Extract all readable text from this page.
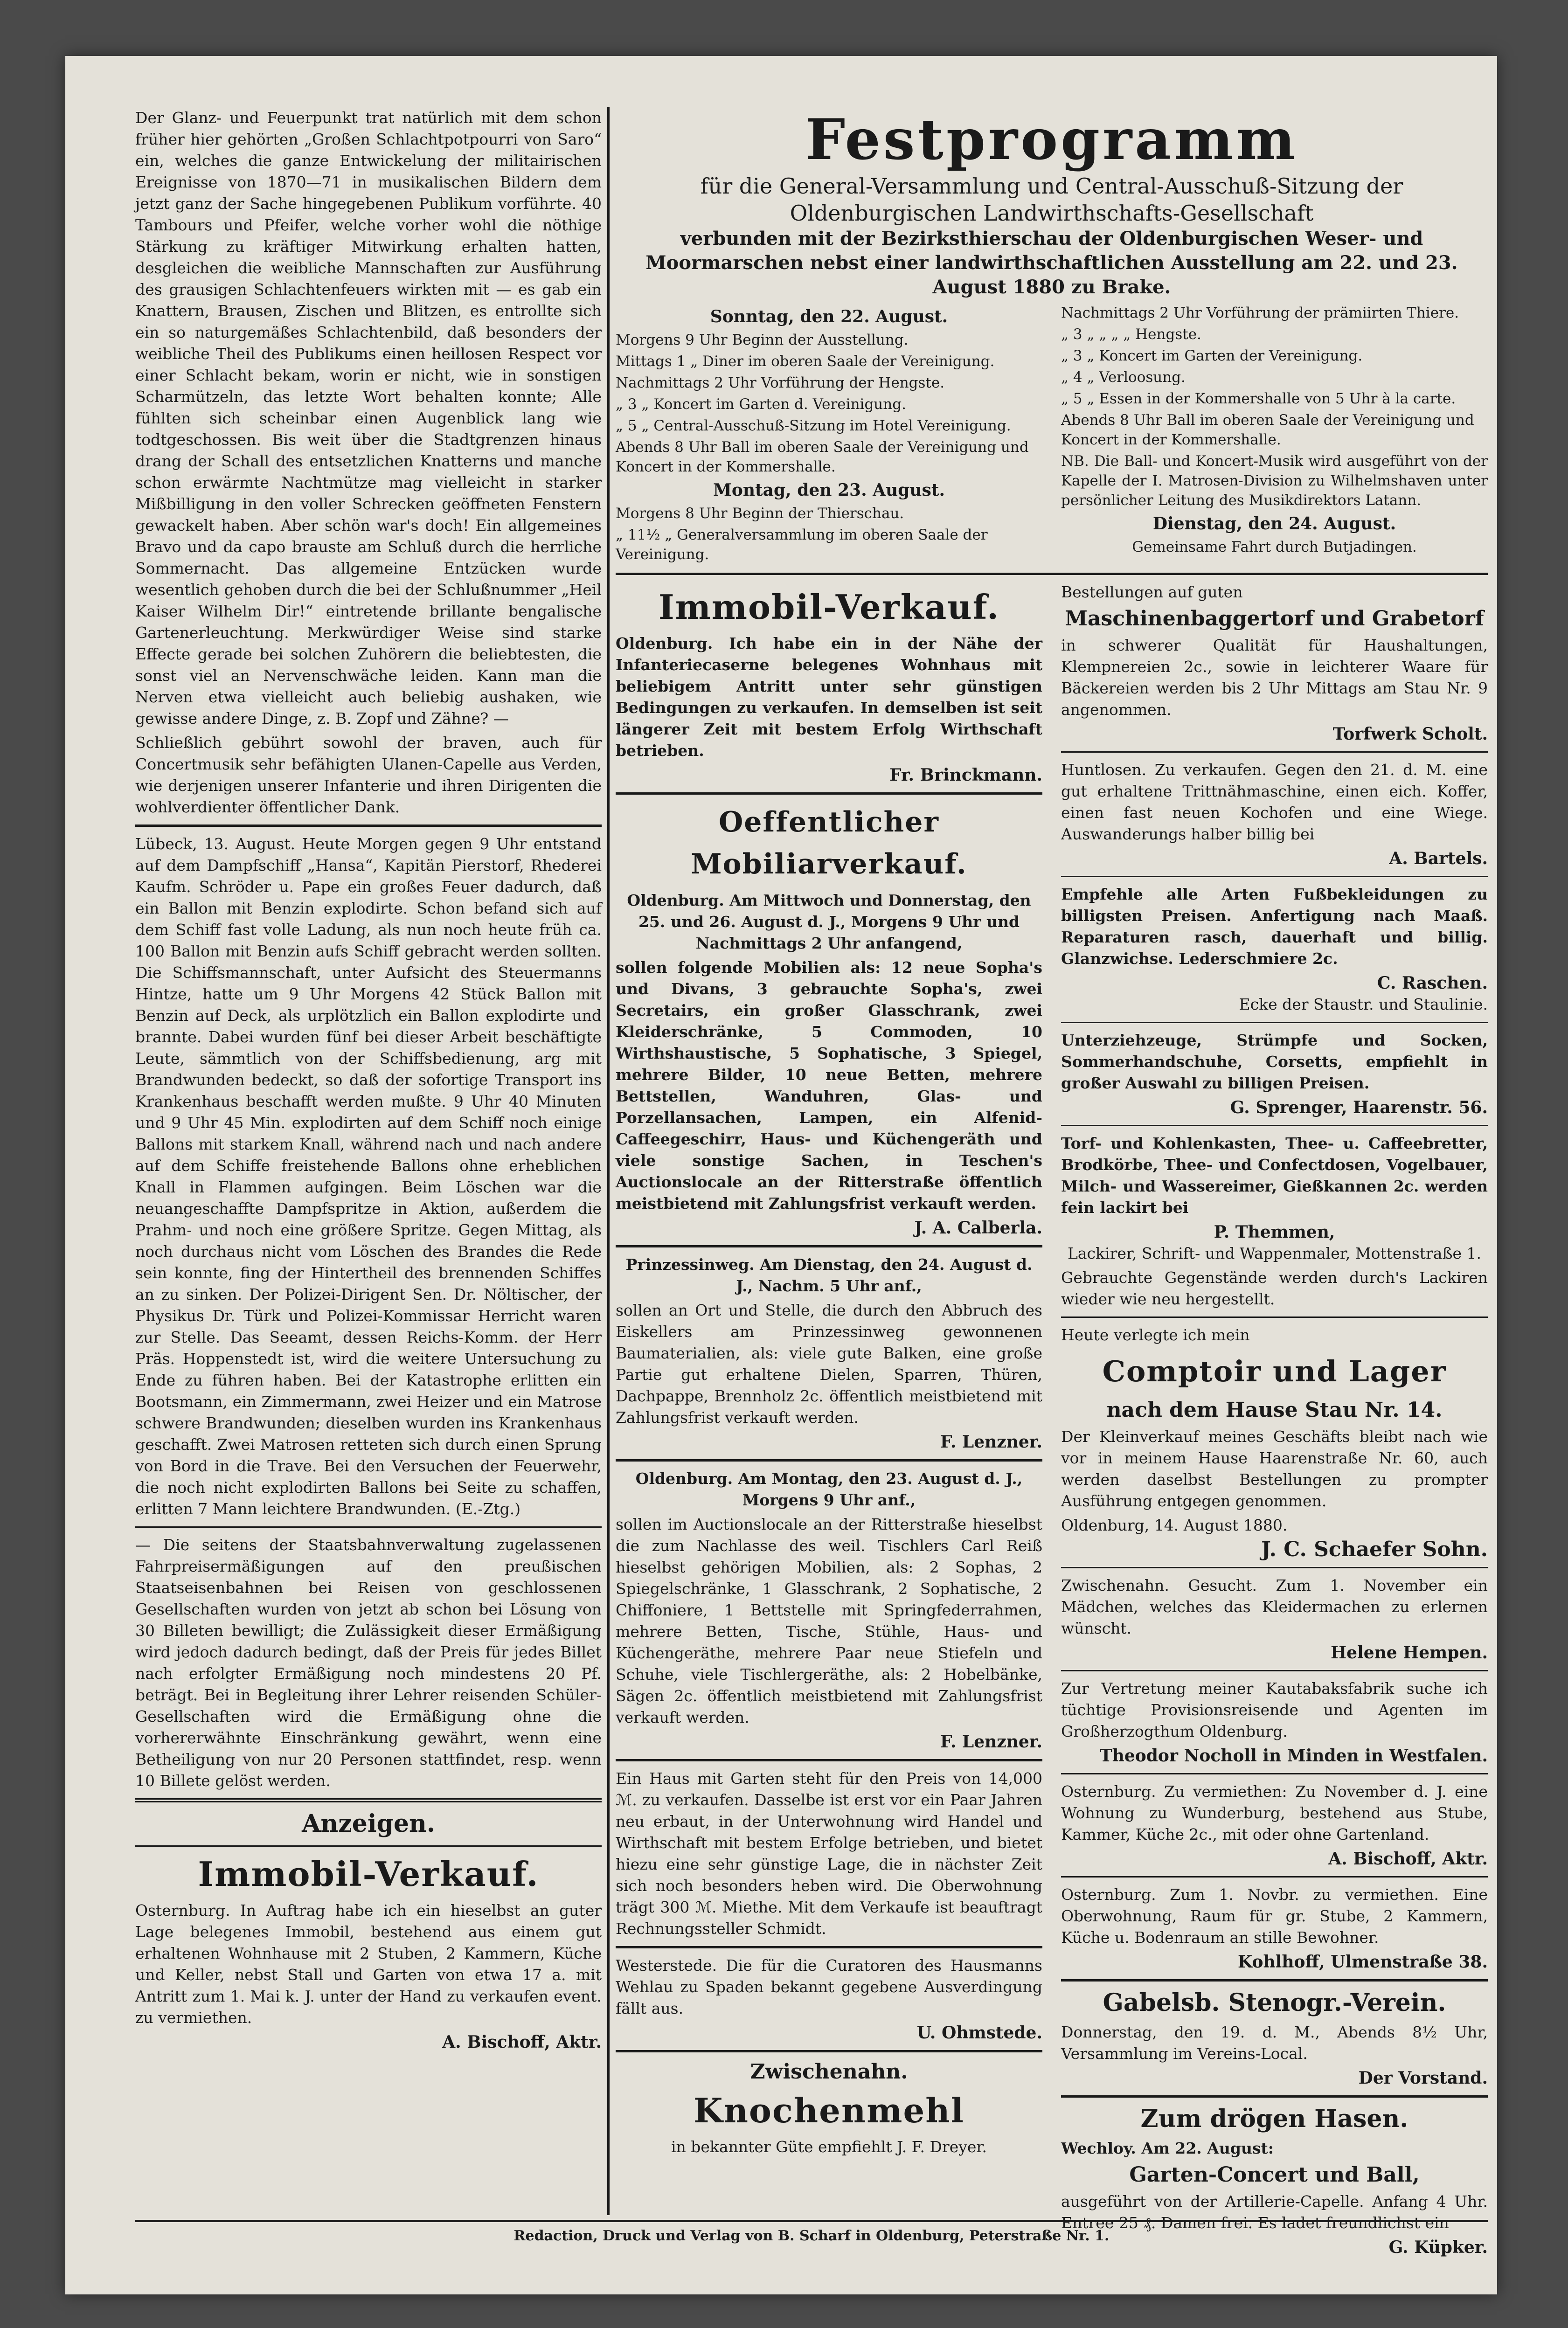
Der Glanz- und Feuerpunkt trat natürlich mit dem schon früher hier gehörten „Großen Schlachtpotpourri von Saro“ ein, welches die ganze Entwickelung der militairischen Ereignisse von 1870—71 in musikalischen Bildern dem jetzt ganz der Sache hingegebenen Publikum vorführte. 40 Tambours und Pfeifer, welche vorher wohl die nöthige Stärkung zu kräftiger Mitwirkung erhalten hatten, desgleichen die weibliche Mannschaften zur Ausführung des grausigen Schlachtenfeuers wirkten mit — es gab ein Knattern, Brausen, Zischen und Blitzen, es entrollte sich ein so naturgemäßes Schlachtenbild, daß besonders der weibliche Theil des Publikums einen heillosen Respect vor einer Schlacht bekam, worin er nicht, wie in sonstigen Scharmützeln, das letzte Wort behalten konnte; Alle fühlten sich scheinbar einen Augenblick lang wie todtgeschossen. Bis weit über die Stadtgrenzen hinaus drang der Schall des entsetzlichen Knatterns und manche schon erwärmte Nachtmütze mag vielleicht in starker Mißbilligung in den voller Schrecken geöffneten Fenstern gewackelt haben. Aber schön war's doch! Ein allgemeines Bravo und da capo brauste am Schluß durch die herrliche Sommernacht. Das allgemeine Entzücken wurde wesentlich gehoben durch die bei der Schlußnummer „Heil Kaiser Wilhelm Dir!“ eintretende brillante bengalische Gartenerleuchtung. Merkwürdiger Weise sind starke Effecte gerade bei solchen Zuhörern die beliebtesten, die sonst viel an Nervenschwäche leiden. Kann man die Nerven etwa vielleicht auch beliebig aushaken, wie gewisse andere Dinge, z. B. Zopf und Zähne? —

Schließlich gebührt sowohl der braven, auch für Concertmusik sehr befähigten Ulanen-Capelle aus Verden, wie derjenigen unserer Infanterie und ihren Dirigenten die wohlverdienter öffentlicher Dank.

Lübeck, 13. August. Heute Morgen gegen 9 Uhr entstand auf dem Dampfschiff „Hansa“, Kapitän Pierstorf, Rhederei Kaufm. Schröder u. Pape ein großes Feuer dadurch, daß ein Ballon mit Benzin explodirte. Schon befand sich auf dem Schiff fast volle Ladung, als nun noch heute früh ca. 100 Ballon mit Benzin aufs Schiff gebracht werden sollten. Die Schiffsmannschaft, unter Aufsicht des Steuermanns Hintze, hatte um 9 Uhr Morgens 42 Stück Ballon mit Benzin auf Deck, als urplötzlich ein Ballon explodirte und brannte. Dabei wurden fünf bei dieser Arbeit beschäftigte Leute, sämmtlich von der Schiffsbedienung, arg mit Brandwunden bedeckt, so daß der sofortige Transport ins Krankenhaus beschafft werden mußte. 9 Uhr 40 Minuten und 9 Uhr 45 Min. explodirten auf dem Schiff noch einige Ballons mit starkem Knall, während nach und nach andere auf dem Schiffe freistehende Ballons ohne erheblichen Knall in Flammen aufgingen. Beim Löschen war die neuangeschaffte Dampfspritze in Aktion, außerdem die Prahm- und noch eine größere Spritze. Gegen Mittag, als noch durchaus nicht vom Löschen des Brandes die Rede sein konnte, fing der Hintertheil des brennenden Schiffes an zu sinken. Der Polizei-Dirigent Sen. Dr. Nöltischer, der Physikus Dr. Türk und Polizei-Kommissar Herricht waren zur Stelle. Das Seeamt, dessen Reichs-Komm. der Herr Präs. Hoppenstedt ist, wird die weitere Untersuchung zu Ende zu führen haben. Bei der Katastrophe erlitten ein Bootsmann, ein Zimmermann, zwei Heizer und ein Matrose schwere Brandwunden; dieselben wurden ins Krankenhaus geschafft. Zwei Matrosen retteten sich durch einen Sprung von Bord in die Trave. Bei den Versuchen der Feuerwehr, die noch nicht explodirten Ballons bei Seite zu schaffen, erlitten 7 Mann leichtere Brandwunden. (E.-Ztg.)

— Die seitens der Staatsbahnverwaltung zugelassenen Fahrpreisermäßigungen auf den preußischen Staatseisenbahnen bei Reisen von geschlossenen Gesellschaften wurden von jetzt ab schon bei Lösung von 30 Billeten bewilligt; die Zulässigkeit dieser Ermäßigung wird jedoch dadurch bedingt, daß der Preis für jedes Billet nach erfolgter Ermäßigung noch mindestens 20 Pf. beträgt. Bei in Begleitung ihrer Lehrer reisenden Schüler-Gesellschaften wird die Ermäßigung ohne die vorhererwähnte Einschränkung gewährt, wenn eine Betheiligung von nur 20 Personen stattfindet, resp. wenn 10 Billete gelöst werden.

Anzeigen.
Immobil-Verkauf.

Osternburg. In Auftrag habe ich ein hieselbst an guter Lage belegenes Immobil, bestehend aus einem gut erhaltenen Wohnhause mit 2 Stuben, 2 Kammern, Küche und Keller, nebst Stall und Garten von etwa 17 a. mit Antritt zum 1. Mai k. J. unter der Hand zu verkaufen event. zu vermiethen.

A. Bischoff, Aktr.

Festprogramm
für die General-Versammlung und Central-Ausschuß-Sitzung der Oldenburgischen Landwirthschafts-Gesellschaft
verbunden mit der Bezirksthierschau der Oldenburgischen Weser- und Moormarschen nebst einer landwirthschaftlichen Ausstellung am 22. und 23. August 1880 zu Brake.
Sonntag, den 22. August.
Morgens 9 Uhr Beginn der Ausstellung.
Mittags 1 „ Diner im oberen Saale der Vereinigung.
Nachmittags 2 Uhr Vorführung der Hengste.
„ 3 „ Koncert im Garten d. Vereinigung.
„ 5 „ Central-Ausschuß-Sitzung im Hotel Vereinigung.
Abends 8 Uhr Ball im oberen Saale der Vereinigung und Koncert in der Kommershalle.
Montag, den 23. August.
Morgens 8 Uhr Beginn der Thierschau.
„ 11½ „ Generalversammlung im oberen Saale der Vereinigung.
Nachmittags 2 Uhr Vorführung der prämiirten Thiere.
„ 3 „ „ „ „ Hengste.
„ 3 „ Koncert im Garten der Vereinigung.
„ 4 „ Verloosung.
„ 5 „ Essen in der Kommershalle von 5 Uhr à la carte.
Abends 8 Uhr Ball im oberen Saale der Vereinigung und Koncert in der Kommershalle.

NB. Die Ball- und Koncert-Musik wird ausgeführt von der Kapelle der I. Matrosen-Division zu Wilhelmshaven unter persönlicher Leitung des Musikdirektors Latann.

Dienstag, den 24. August.

Gemeinsame Fahrt durch Butjadingen.

Immobil-Verkauf.

Oldenburg. Ich habe ein in der Nähe der Infanteriecaserne belegenes Wohnhaus mit beliebigem Antritt unter sehr günstigen Bedingungen zu verkaufen. In demselben ist seit längerer Zeit mit bestem Erfolg Wirthschaft betrieben.

Fr. Brinckmann.

Oeffentlicher Mobiliarverkauf.

Oldenburg. Am Mittwoch und Donnerstag, den 25. und 26. August d. J., Morgens 9 Uhr und Nachmittags 2 Uhr anfangend,

sollen folgende Mobilien als: 12 neue Sopha's und Divans, 3 gebrauchte Sopha's, zwei Secretairs, ein großer Glasschrank, zwei Kleiderschränke, 5 Commoden, 10 Wirthshaustische, 5 Sophatische, 3 Spiegel, mehrere Bilder, 10 neue Betten, mehrere Bettstellen, Wanduhren, Glas- und Porzellansachen, Lampen, ein Alfenid-Caffeegeschirr, Haus- und Küchengeräth und viele sonstige Sachen, in Teschen's Auctionslocale an der Ritterstraße öffentlich meistbietend mit Zahlungsfrist verkauft werden.

J. A. Calberla.

Prinzessinweg. Am Dienstag, den 24. August d. J., Nachm. 5 Uhr anf.,

sollen an Ort und Stelle, die durch den Abbruch des Eiskellers am Prinzessinweg gewonnenen Baumaterialien, als: viele gute Balken, eine große Partie gut erhaltene Dielen, Sparren, Thüren, Dachpappe, Brennholz 2c. öffentlich meistbietend mit Zahlungsfrist verkauft werden.

F. Lenzner.

Oldenburg. Am Montag, den 23. August d. J., Morgens 9 Uhr anf.,

sollen im Auctionslocale an der Ritterstraße hieselbst die zum Nachlasse des weil. Tischlers Carl Reiß hieselbst gehörigen Mobilien, als: 2 Sophas, 2 Spiegelschränke, 1 Glasschrank, 2 Sophatische, 2 Chiffoniere, 1 Bettstelle mit Springfederrahmen, mehrere Betten, Tische, Stühle, Haus- und Küchengeräthe, mehrere Paar neue Stiefeln und Schuhe, viele Tischlergeräthe, als: 2 Hobelbänke, Sägen 2c. öffentlich meistbietend mit Zahlungsfrist verkauft werden.

F. Lenzner.

Ein Haus mit Garten steht für den Preis von 14,000 ℳ. zu verkaufen. Dasselbe ist erst vor ein Paar Jahren neu erbaut, in der Unterwohnung wird Handel und Wirthschaft mit bestem Erfolge betrieben, und bietet hiezu eine sehr günstige Lage, die in nächster Zeit sich noch besonders heben wird. Die Oberwohnung trägt 300 ℳ. Miethe. Mit dem Verkaufe ist beauftragt Rechnungssteller Schmidt.

Westerstede. Die für die Curatoren des Hausmanns Wehlau zu Spaden bekannt gegebene Ausverdingung fällt aus.

U. Ohmstede.

Zwischenahn.
Knochenmehl

in bekannter Güte empfiehlt J. F. Dreyer.

Bestellungen auf guten

Maschinenbaggertorf und Grabetorf

in schwerer Qualität für Haushaltungen, Klempnereien 2c., sowie in leichterer Waare für Bäckereien werden bis 2 Uhr Mittags am Stau Nr. 9 angenommen.

Torfwerk Scholt.

Huntlosen. Zu verkaufen. Gegen den 21. d. M. eine gut erhaltene Trittnähmaschine, einen eich. Koffer, einen fast neuen Kochofen und eine Wiege. Auswanderungs halber billig bei

A. Bartels.

Empfehle alle Arten Fußbekleidungen zu billigsten Preisen. Anfertigung nach Maaß. Reparaturen rasch, dauerhaft und billig. Glanzwichse. Lederschmiere 2c.

C. Raschen.

Ecke der Staustr. und Staulinie.

Unterziehzeuge, Strümpfe und Socken, Sommerhandschuhe, Corsetts, empfiehlt in großer Auswahl zu billigen Preisen.

G. Sprenger, Haarenstr. 56.

Torf- und Kohlenkasten, Thee- u. Caffeebretter, Brodkörbe, Thee- und Confectdosen, Vogelbauer, Milch- und Wassereimer, Gießkannen 2c. werden fein lackirt bei

P. Themmen,

Lackirer, Schrift- und Wappenmaler, Mottenstraße 1.

Gebrauchte Gegenstände werden durch's Lackiren wieder wie neu hergestellt.

Heute verlegte ich mein

Comptoir und Lager

nach dem Hause Stau Nr. 14.

Der Kleinverkauf meines Geschäfts bleibt nach wie vor in meinem Hause Haarenstraße Nr. 60, auch werden daselbst Bestellungen zu prompter Ausführung entgegen genommen.

Oldenburg, 14. August 1880.

J. C. Schaefer Sohn.

Zwischenahn. Gesucht. Zum 1. November ein Mädchen, welches das Kleidermachen zu erlernen wünscht.

Helene Hempen.

Zur Vertretung meiner Kautabaksfabrik suche ich tüchtige Provisionsreisende und Agenten im Großherzogthum Oldenburg.

Theodor Nocholl in Minden in Westfalen.

Osternburg. Zu vermiethen: Zu November d. J. eine Wohnung zu Wunderburg, bestehend aus Stube, Kammer, Küche 2c., mit oder ohne Gartenland.

A. Bischoff, Aktr.

Osternburg. Zum 1. Novbr. zu vermiethen. Eine Oberwohnung, Raum für gr. Stube, 2 Kammern, Küche u. Bodenraum an stille Bewohner.

Kohlhoff, Ulmenstraße 38.

Gabelsb. Stenogr.-Verein.

Donnerstag, den 19. d. M., Abends 8½ Uhr, Versammlung im Vereins-Local.

Der Vorstand.

Zum drögen Hasen.

Wechloy. Am 22. August:

Garten-Concert und Ball,

ausgeführt von der Artillerie-Capelle. Anfang 4 Uhr. Entree 25 ₰. Damen frei. Es ladet freundlichst ein

G. Küpker.

Redaction, Druck und Verlag von B. Scharf in Oldenburg, Peterstraße Nr. 1.
